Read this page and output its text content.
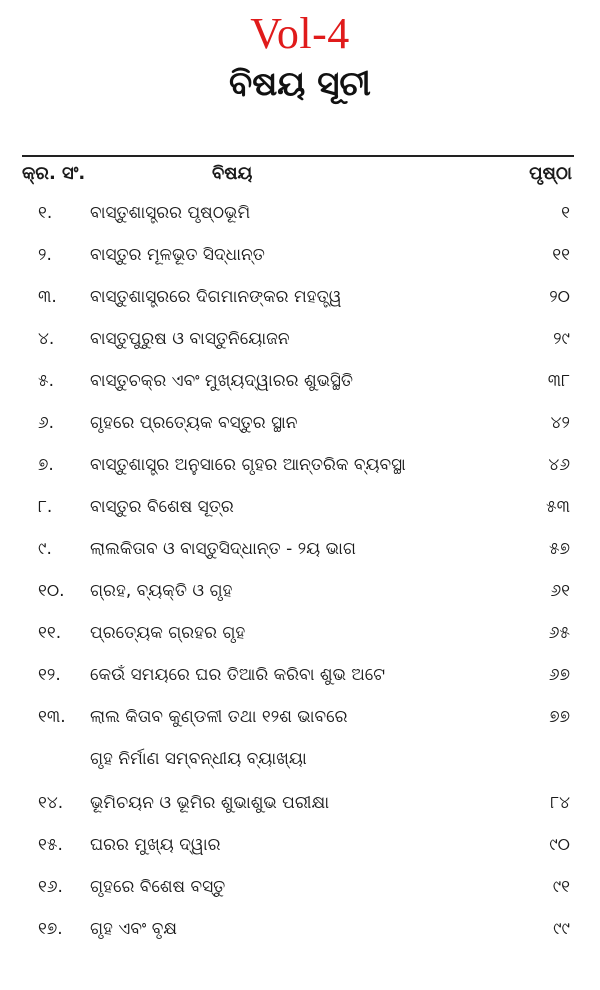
Vol-4
ବିଷୟ ସୂଚୀ
କ୍ର. ସଂ.	ବିଷୟ	ପୃଷ୍ଠା
୧.	ବାସ୍ତୁଶାସ୍ତ୍ରର ପୃଷ୍ଠଭୂମି	୧
୨.	ବାସ୍ତୁର ମୂଳଭୂତ ସିଦ୍ଧାନ୍ତ	୧୧
୩.	ବାସ୍ତୁଶାସ୍ତ୍ରରେ ଦିଗମାନଙ୍କର ମହତ୍ତ୍ୱ	୨୦
୪.	ବାସ୍ତୁପୁରୁଷ ଓ ବାସ୍ତୁନିୟୋଜନ	୨୯
୫.	ବାସ୍ତୁଚକ୍ର ଏବଂ ମୁଖ୍ୟଦ୍ୱାରର ଶୁଭସ୍ଥିତି	୩୮
୬.	ଗୃହରେ ପ୍ରତ୍ୟେକ ବସ୍ତୁର ସ୍ଥାନ	୪୨
୭.	ବାସ୍ତୁଶାସ୍ତ୍ର ଅନୁସାରେ ଗୃହର ଆନ୍ତରିକ ବ୍ୟବସ୍ଥା	୪୬
୮.	ବାସ୍ତୁର ବିଶେଷ ସୂତ୍ର	୫୩
୯.	ଲାଲକିତାବ ଓ ବାସ୍ତୁସିଦ୍ଧାନ୍ତ - ୨ୟ ଭାଗ	୫୭
୧୦.	ଗ୍ରହ, ବ୍ୟକ୍ତି ଓ ଗୃହ	୬୧
୧୧.	ପ୍ରତ୍ୟେକ ଗ୍ରହର ଗୃହ	୬୫
୧୨.	କେଉଁ ସମୟରେ ଘର ତିଆରି କରିବା ଶୁଭ ଅଟେ	୬୭
୧୩.	ଲାଲ କିତାବ କୁଣ୍ଡଳୀ ତଥା ୧୨ଶ ଭାବରେ	୭୭
ଗୃହ ନିର୍ମାଣ ସମ୍ବନ୍ଧୀୟ ବ୍ୟାଖ୍ୟା
୧୪.	ଭୂମିଚୟନ ଓ ଭୂମିର ଶୁଭାଶୁଭ ପରୀକ୍ଷା	୮୪
୧୫.	ଘରର ମୁଖ୍ୟ ଦ୍ୱାର	୯୦
୧୬.	ଗୃହରେ ବିଶେଷ ବସ୍ତୁ	୯୧
୧୭.	ଗୃହ ଏବଂ ବୃକ୍ଷ	୯୯
